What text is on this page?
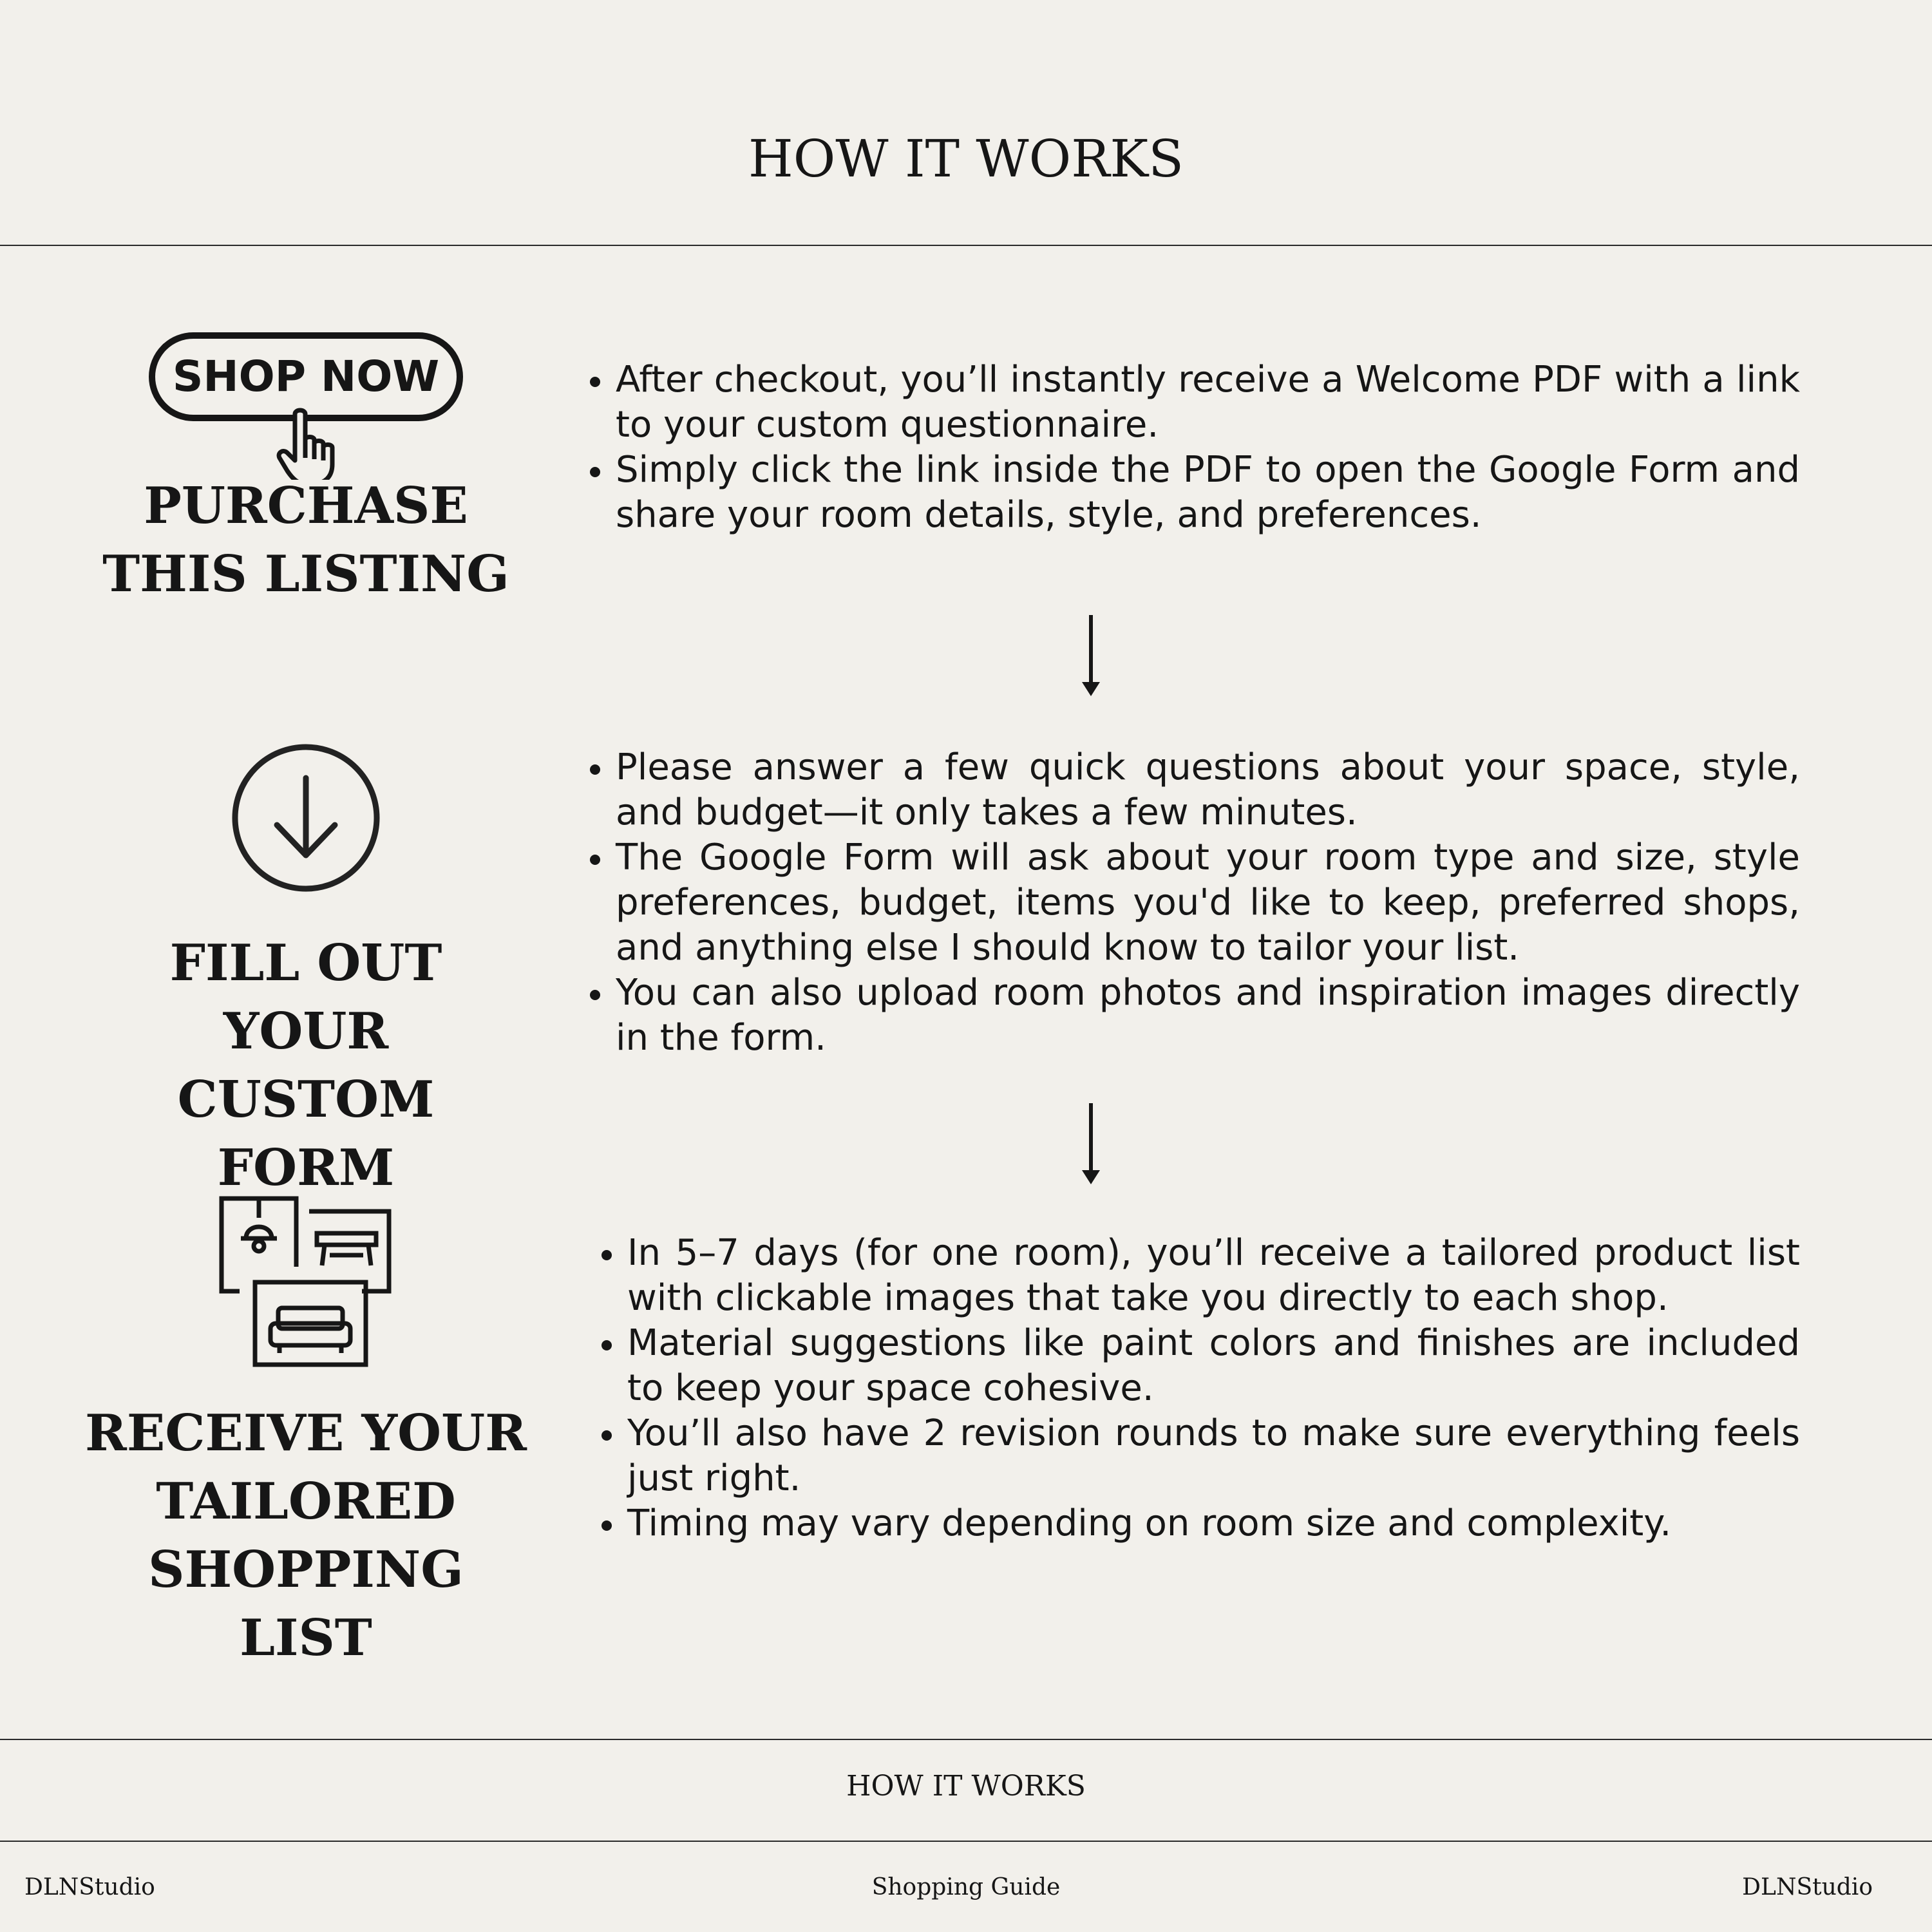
HOW IT WORKS
SHOP NOW
PURCHASE
THIS LISTING
After checkout, you’ll instantly receive a Welcome PDF with a link to your custom questionnaire.
Simply click the link inside the PDF to open the Google Form and share your room details, style, and preferences.
FILL OUT YOUR
CUSTOM FORM
Please answer a few quick questions about your space, style, and budget—it only takes a few minutes.
The Google Form will ask about your room type and size, style preferences, budget, items you'd like to keep, preferred shops, and anything else I should know to tailor your list.
You can also upload room photos and inspiration images directly in the form.
RECEIVE YOUR
TAILORED
SHOPPING LIST
In 5–7 days (for one room), you’ll receive a tailored product list with clickable images that take you directly to each shop.
Material suggestions like paint colors and finishes are included to keep your space cohesive.
You’ll also have 2 revision rounds to make sure everything feels just right.
Timing may vary depending on room size and complexity.
HOW IT WORKS
DLNStudio	Shopping Guide	DLNStudio
